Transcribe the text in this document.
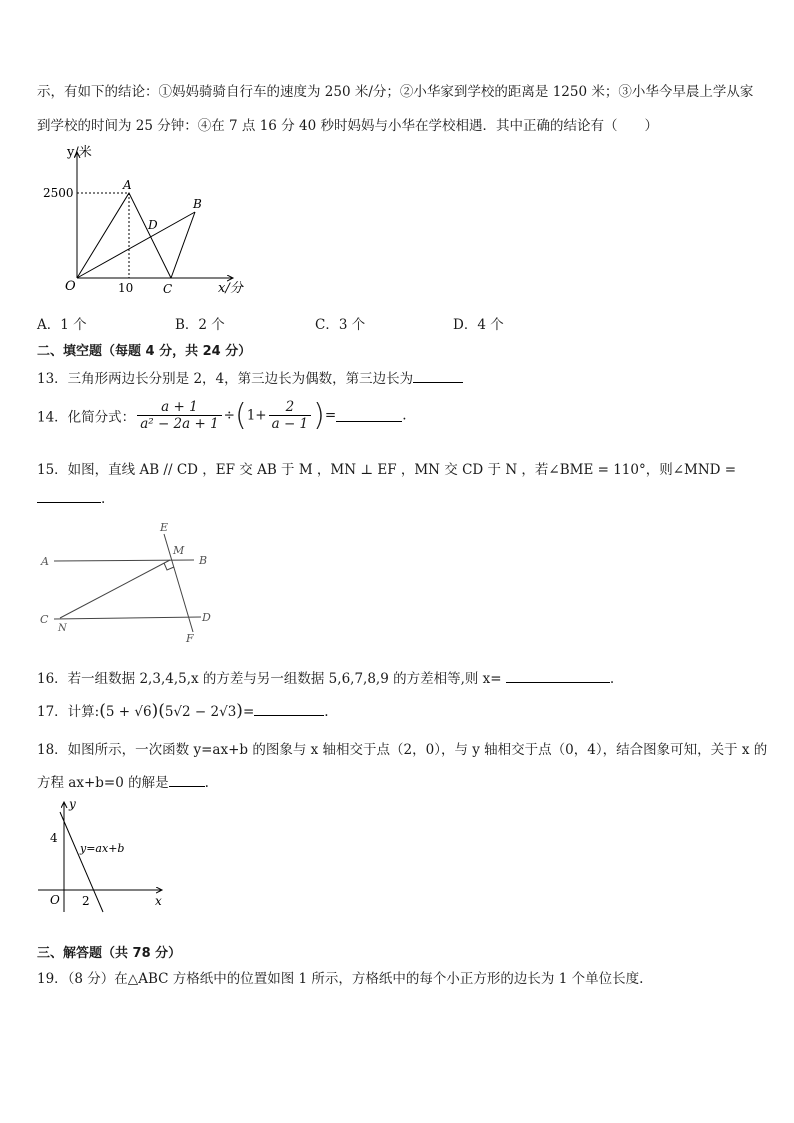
示，有如下的结论：①妈妈骑骑自行车的速度为 250 米/分；②小华家到学校的距离是 1250 米；③小华今早晨上学从家
到学校的时间为 25 分钟：④在 7 点 16 分 40 秒时妈妈与小华在学校相遇．其中正确的结论有（　　）
y/米
x/分
2500
10
O
A
B
C
D
A．1 个	B．2 个	C．3 个	D．4 个
二、填空题（每题 4 分，共 24 分）
13．三角形两边长分别是 2，4，第三边长为偶数，第三边长为
14．化简分式： $\frac{a + 1}{\text{a² − 2a + 1}} \div(1+ \frac{2}{a - 1}$ )=	.
15．如图，直线 AB // CD ，EF 交 AB 于 M ，MN ⊥ EF ，MN 交 CD 于 N ，若∠BME = 110°，则∠MND =
.
E
M
A	B
C
N
D
F
16．若一组数据 2,3,4,5,x 的方差与另一组数据 5,6,7,8,9 的方差相等,则 x=	.
17．计算:(5 + √6)(5√2 − 2√3)=	.
18．如图所示，一次函数 y=ax+b 的图象与 x 轴相交于点（2，0），与 y 轴相交于点（0，4），结合图象可知，关于 x 的
方程 ax+b=0 的解是	.
y
x
O
4
2
y=ax+b
三、解答题（共 78 分）
19．（8 分）在△ABC 方格纸中的位置如图 1 所示，方格纸中的每个小正方形的边长为 1 个单位长度.
